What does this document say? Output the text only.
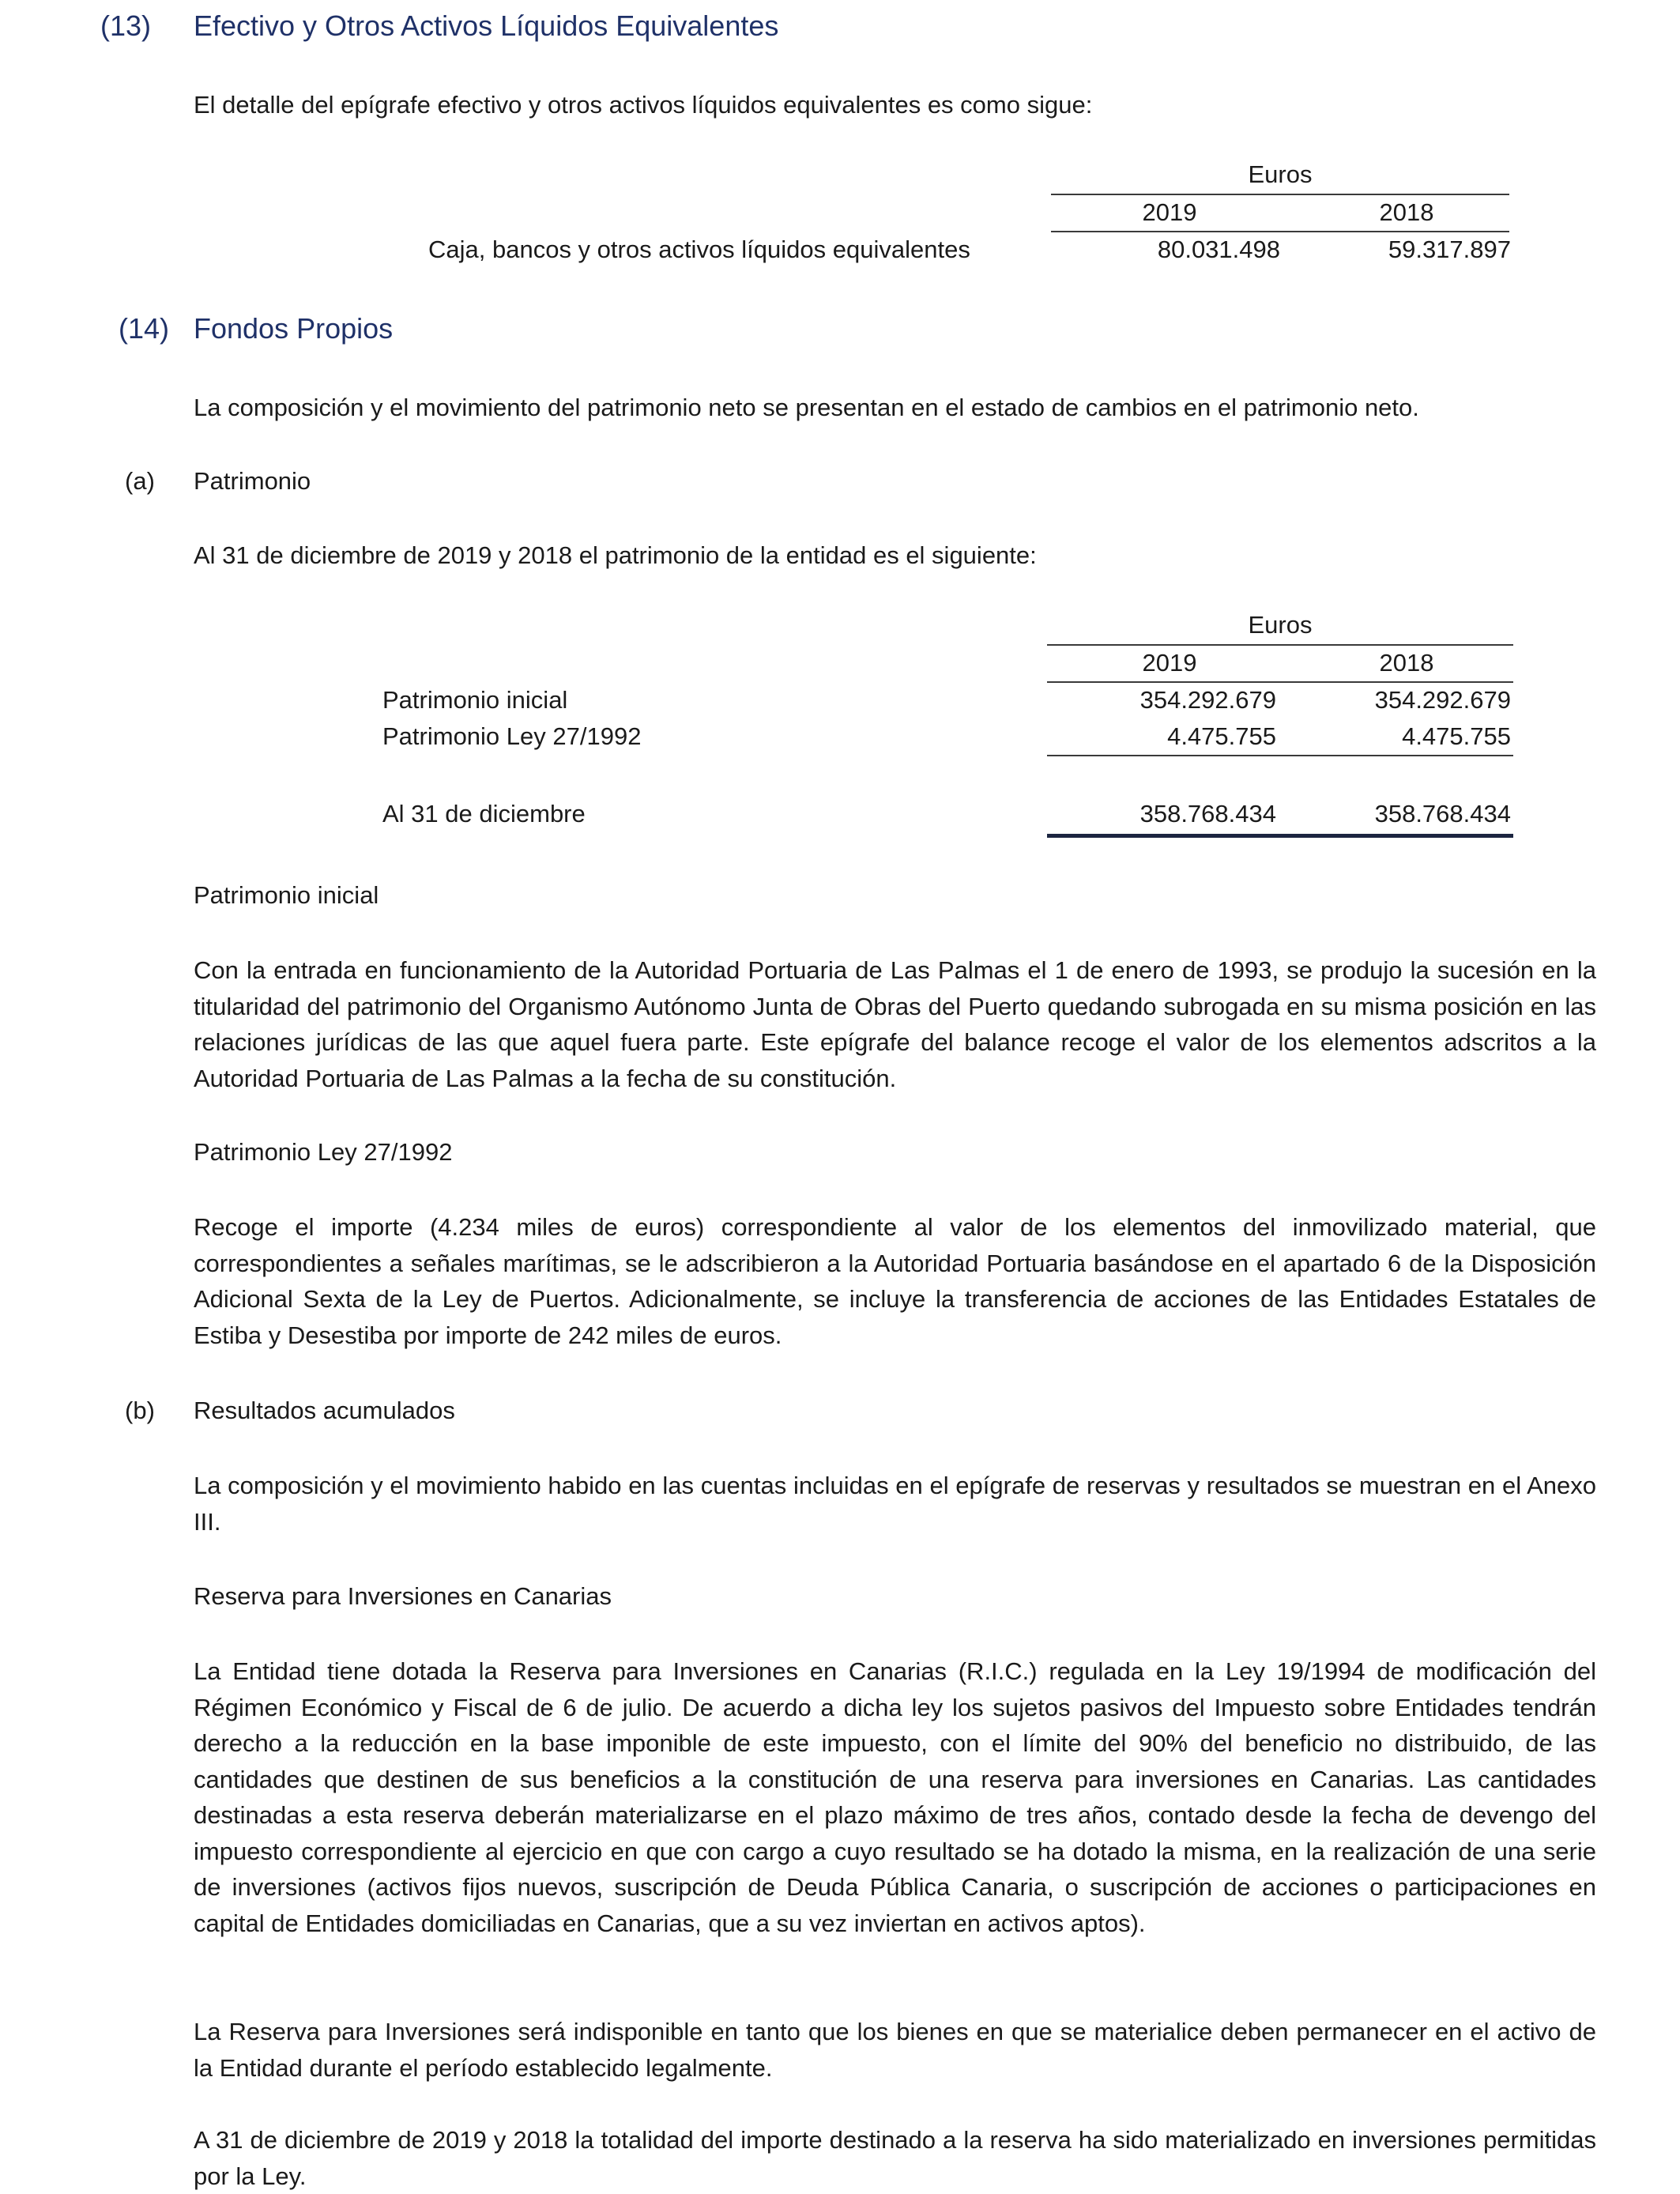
(13) Efectivo y Otros Activos Líquidos Equivalentes
El detalle del epígrafe efectivo y otros activos líquidos equivalentes es como sigue:
Euros
2019	2018
Caja, bancos y otros activos líquidos equivalentes	80.031.498	59.317.897
(14) Fondos Propios
La composición y el movimiento del patrimonio neto se presentan en el estado de cambios en el patrimonio neto.
(a) Patrimonio
Al 31 de diciembre de 2019 y 2018 el patrimonio de la entidad es el siguiente:
Euros
2019	2018
Patrimonio inicial	354.292.679	354.292.679
Patrimonio Ley 27/1992	4.475.755	4.475.755
Al 31 de diciembre	358.768.434	358.768.434
Patrimonio inicial

Con la entrada en funcionamiento de la Autoridad Portuaria de Las Palmas el 1 de enero de 1993, se produjo la sucesión en la titularidad del patrimonio del Organismo Autónomo Junta de Obras del Puerto quedando subrogada en su misma posición en las relaciones jurídicas de las que aquel fuera parte. Este epígrafe del balance recoge el valor de los elementos adscritos a la Autoridad Portuaria de Las Palmas a la fecha de su constitución.

Patrimonio Ley 27/1992

Recoge el importe (4.234 miles de euros) correspondiente al valor de los elementos del inmovilizado material, que correspondientes a señales marítimas, se le adscribieron a la Autoridad Portuaria basándose en el apartado 6 de la Disposición Adicional Sexta de la Ley de Puertos. Adicionalmente, se incluye la transferencia de acciones de las Entidades Estatales de Estiba y Desestiba por importe de 242 miles de euros.

(b) Resultados acumulados

La composición y el movimiento habido en las cuentas incluidas en el epígrafe de reservas y resultados se muestran en el Anexo III.

Reserva para Inversiones en Canarias

La Entidad tiene dotada la Reserva para Inversiones en Canarias (R.I.C.) regulada en la Ley 19/1994 de modificación del Régimen Económico y Fiscal de 6 de julio. De acuerdo a dicha ley los sujetos pasivos del Impuesto sobre Entidades tendrán derecho a la reducción en la base imponible de este impuesto, con el límite del 90% del beneficio no distribuido, de las cantidades que destinen de sus beneficios a la constitución de una reserva para inversiones en Canarias. Las cantidades destinadas a esta reserva deberán materializarse en el plazo máximo de tres años, contado desde la fecha de devengo del impuesto correspondiente al ejercicio en que con cargo a cuyo resultado se ha dotado la misma, en la realización de una serie de inversiones (activos fijos nuevos, suscripción de Deuda Pública Canaria, o suscripción de acciones o participaciones en capital de Entidades domiciliadas en Canarias, que a su vez inviertan en activos aptos).

La Reserva para Inversiones será indisponible en tanto que los bienes en que se materialice deben permanecer en el activo de la Entidad durante el período establecido legalmente.

A 31 de diciembre de 2019 y 2018 la totalidad del importe destinado a la reserva ha sido materializado en inversiones permitidas por la Ley.
